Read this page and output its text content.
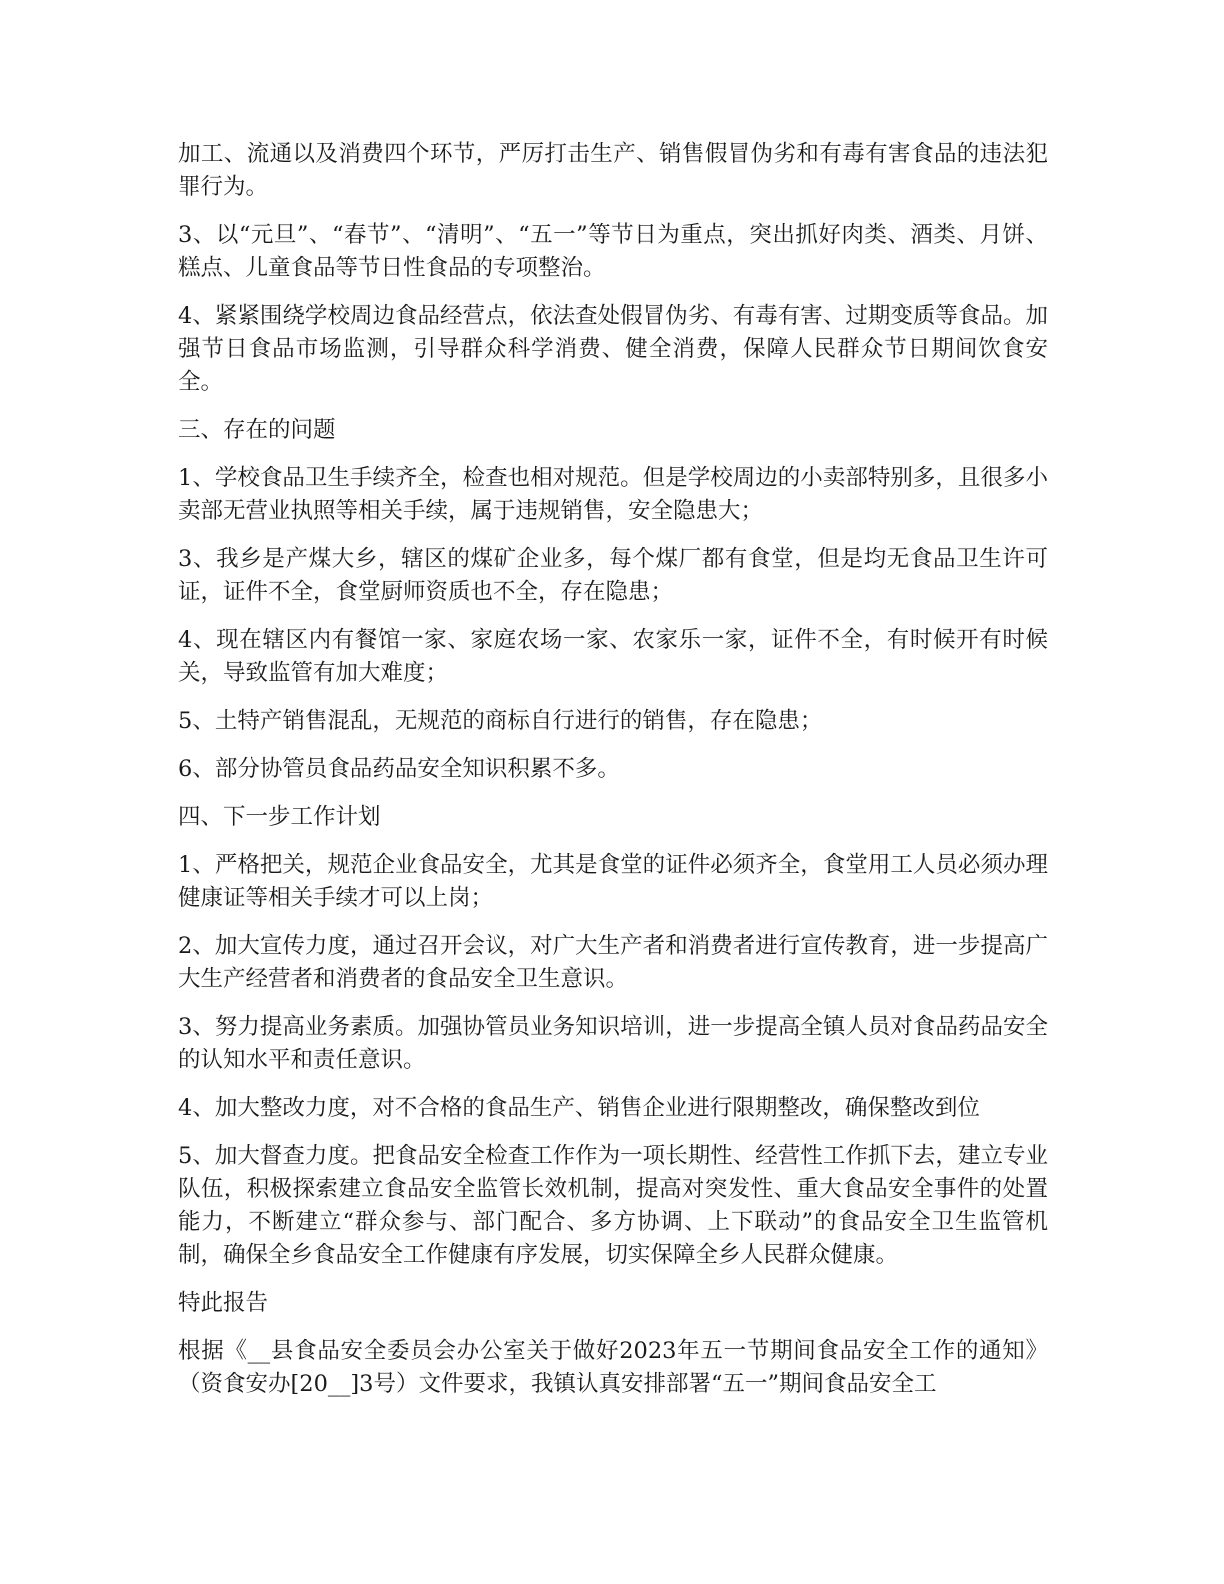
加工、流通以及消费四个环节，严厉打击生产、销售假冒伪劣和有毒有害食品的违法犯罪行为。

3、以“元旦”、“春节”、“清明”、“五一”等节日为重点，突出抓好肉类、酒类、月饼、糕点、儿童食品等节日性食品的专项整治。

4、紧紧围绕学校周边食品经营点，依法查处假冒伪劣、有毒有害、过期变质等食品。加强节日食品市场监测，引导群众科学消费、健全消费，保障人民群众节日期间饮食安全。

三、存在的问题

1、学校食品卫生手续齐全，检查也相对规范。但是学校周边的小卖部特别多，且很多小卖部无营业执照等相关手续，属于违规销售，安全隐患大；

3、我乡是产煤大乡，辖区的煤矿企业多，每个煤厂都有食堂，但是均无食品卫生许可证，证件不全，食堂厨师资质也不全，存在隐患；

4、现在辖区内有餐馆一家、家庭农场一家、农家乐一家，证件不全，有时候开有时候关，导致监管有加大难度；

5、土特产销售混乱，无规范的商标自行进行的销售，存在隐患；

6、部分协管员食品药品安全知识积累不多。

四、下一步工作计划

1、严格把关，规范企业食品安全，尤其是食堂的证件必须齐全，食堂用工人员必须办理健康证等相关手续才可以上岗；

2、加大宣传力度，通过召开会议，对广大生产者和消费者进行宣传教育，进一步提高广大生产经营者和消费者的食品安全卫生意识。

3、努力提高业务素质。加强协管员业务知识培训，进一步提高全镇人员对食品药品安全的认知水平和责任意识。

4、加大整改力度，对不合格的食品生产、销售企业进行限期整改，确保整改到位

5、加大督查力度。把食品安全检查工作作为一项长期性、经营性工作抓下去，建立专业队伍，积极探索建立食品安全监管长效机制，提高对突发性、重大食品安全事件的处置能力，不断建立“群众参与、部门配合、多方协调、上下联动”的食品安全卫生监管机制，确保全乡食品安全工作健康有序发展，切实保障全乡人民群众健康。

特此报告

根据《__县食品安全委员会办公室关于做好2023年五一节期间食品安全工作的通知》（资食安办[20__]3号）文件要求，我镇认真安排部署“五一”期间食品安全工
